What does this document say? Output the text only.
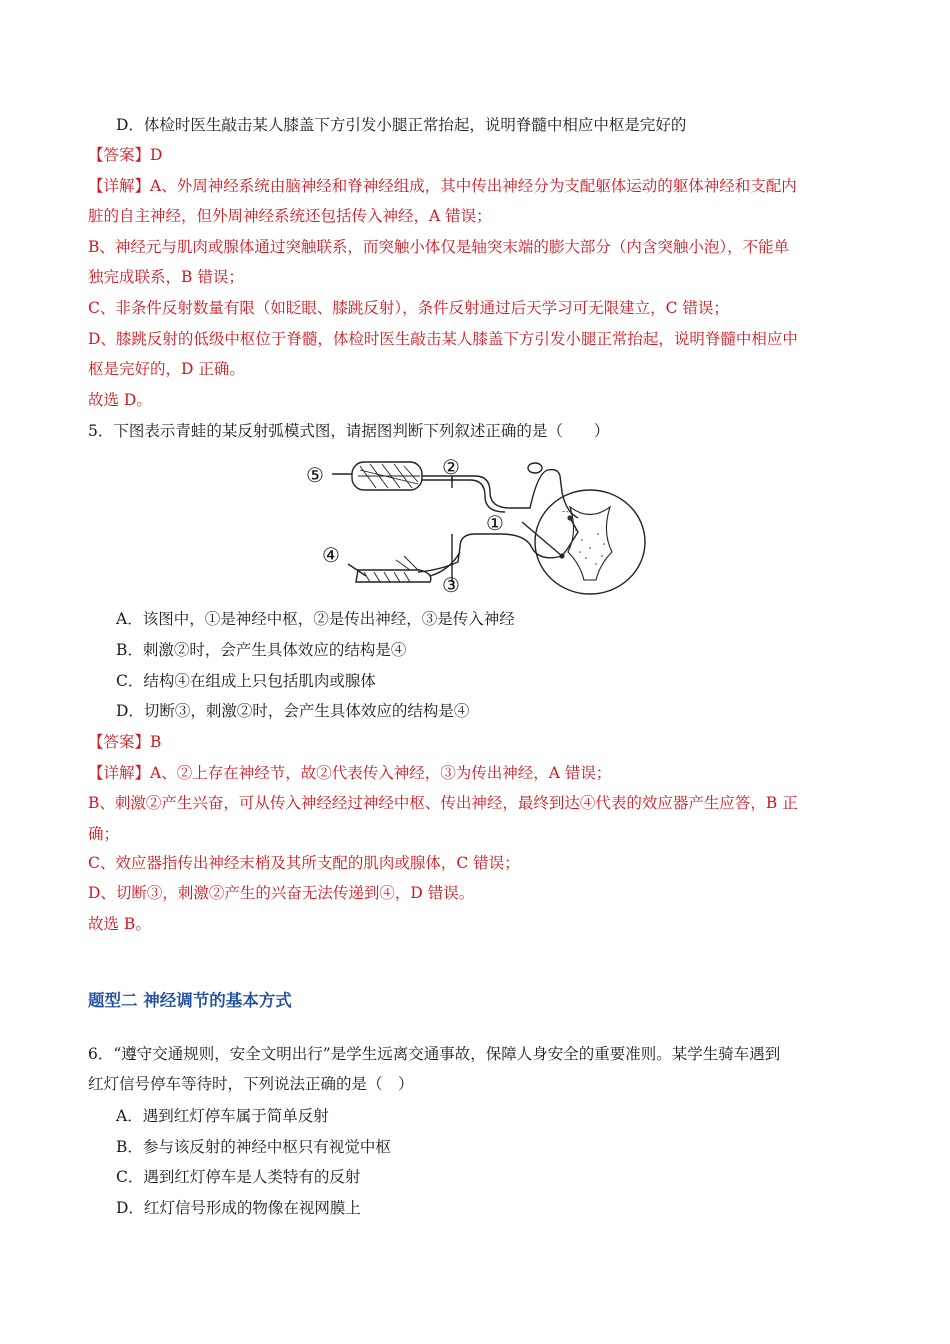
D．体检时医生敲击某人膝盖下方引发小腿正常抬起，说明脊髓中相应中枢是完好的
【答案】D
【详解】A、外周神经系统由脑神经和脊神经组成，其中传出神经分为支配躯体运动的躯体神经和支配内
脏的自主神经，但外周神经系统还包括传入神经，A 错误；
B、神经元与肌肉或腺体通过突触联系，而突触小体仅是轴突末端的膨大部分（内含突触小泡），不能单
独完成联系，B 错误；
C、非条件反射数量有限（如眨眼、膝跳反射），条件反射通过后天学习可无限建立，C 错误；
D、膝跳反射的低级中枢位于脊髓，体检时医生敲击某人膝盖下方引发小腿正常抬起，说明脊髓中相应中
枢是完好的，D 正确。
故选 D。
5．下图表示青蛙的某反射弧模式图，请据图判断下列叙述正确的是（　　）
⑤	②
①
④
③
A．该图中，①是神经中枢，②是传出神经，③是传入神经
B．刺激②时，会产生具体效应的结构是④
C．结构④在组成上只包括肌肉或腺体
D．切断③，刺激②时，会产生具体效应的结构是④
【答案】B
【详解】A、②上存在神经节，故②代表传入神经，③为传出神经，A 错误；
B、刺激②产生兴奋，可从传入神经经过神经中枢、传出神经，最终到达④代表的效应器产生应答，B 正
确；
C、效应器指传出神经末梢及其所支配的肌肉或腺体，C 错误；
D、切断③，刺激②产生的兴奋无法传递到④，D 错误。
故选 B。
题型二 神经调节的基本方式
6．“遵守交通规则，安全文明出行”是学生远离交通事故，保障人身安全的重要准则。某学生骑车遇到
红灯信号停车等待时，下列说法正确的是（　）
A．遇到红灯停车属于简单反射
B．参与该反射的神经中枢只有视觉中枢
C．遇到红灯停车是人类特有的反射
D．红灯信号形成的物像在视网膜上
